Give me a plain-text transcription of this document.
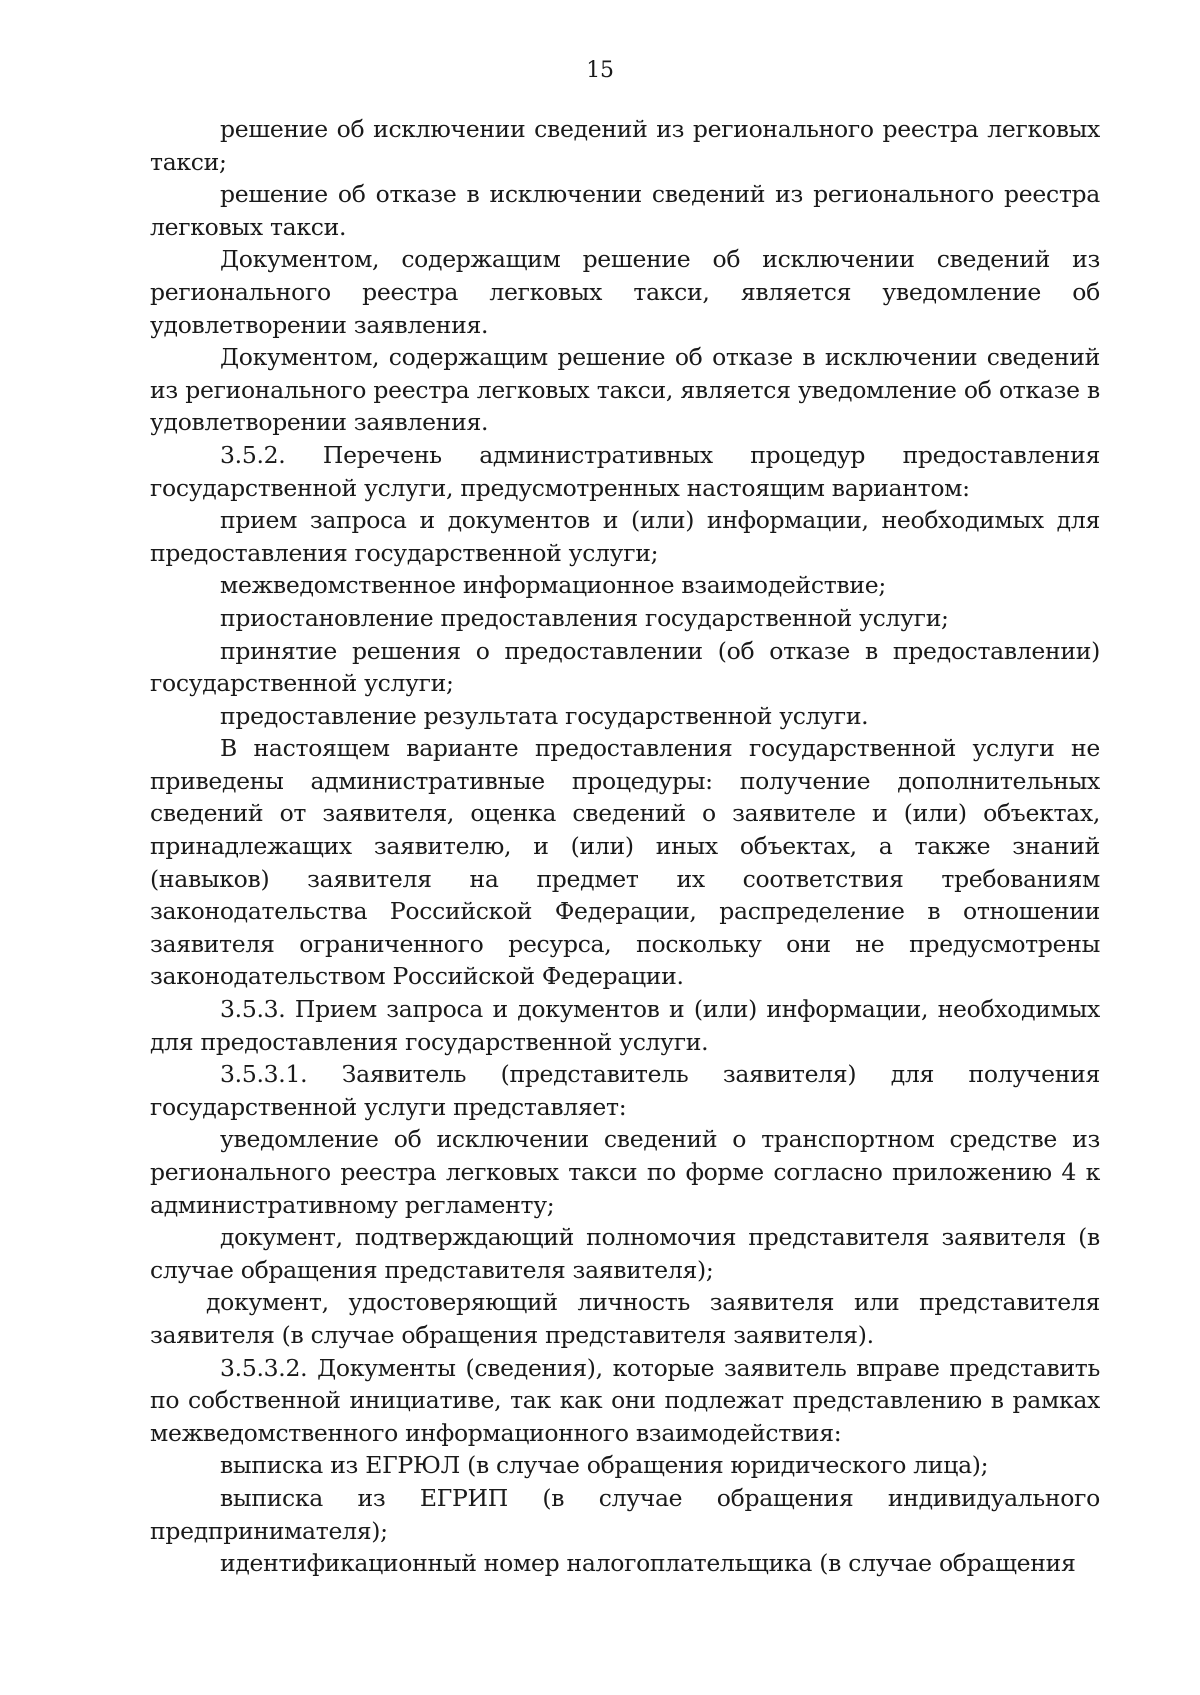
15

решение об исключении сведений из регионального реестра легковых такси;

решение об отказе в исключении сведений из регионального реестра легковых такси.

Документом, содержащим решение об исключении сведений из регионального реестра легковых такси, является уведомление об удовлетворении заявления.

Документом, содержащим решение об отказе в исключении сведений из регионального реестра легковых такси, является уведомление об отказе в удовлетворении заявления.

3.5.2. Перечень административных процедур предоставления государственной услуги, предусмотренных настоящим вариантом:

прием запроса и документов и (или) информации, необходимых для предоставления государственной услуги;

межведомственное информационное взаимодействие;

приостановление предоставления государственной услуги;

принятие решения о предоставлении (об отказе в предоставлении) государственной услуги;

предоставление результата государственной услуги.

В настоящем варианте предоставления государственной услуги не приведены административные процедуры: получение дополнительных сведений от заявителя, оценка сведений о заявителе и (или) объектах, принадлежащих заявителю, и (или) иных объектах, а также знаний (навыков) заявителя на предмет их соответствия требованиям законодательства Российской Федерации, распределение в отношении заявителя ограниченного ресурса, поскольку они не предусмотрены законодательством Российской Федерации.

3.5.3. Прием запроса и документов и (или) информации, необходимых для предоставления государственной услуги.

3.5.3.1. Заявитель (представитель заявителя) для получения государственной услуги представляет:

уведомление об исключении сведений о транспортном средстве из регионального реестра легковых такси по форме согласно приложению 4 к административному регламенту;

документ, подтверждающий полномочия представителя заявителя (в случае обращения представителя заявителя);

документ, удостоверяющий личность заявителя или представителя заявителя (в случае обращения представителя заявителя).

3.5.3.2. Документы (сведения), которые заявитель вправе представить по собственной инициативе, так как они подлежат представлению в рамках межведомственного информационного взаимодействия:

выписка из ЕГРЮЛ (в случае обращения юридического лица);

выписка из ЕГРИП (в случае обращения индивидуального предпринимателя);

идентификационный номер налогоплательщика (в случае обращения
